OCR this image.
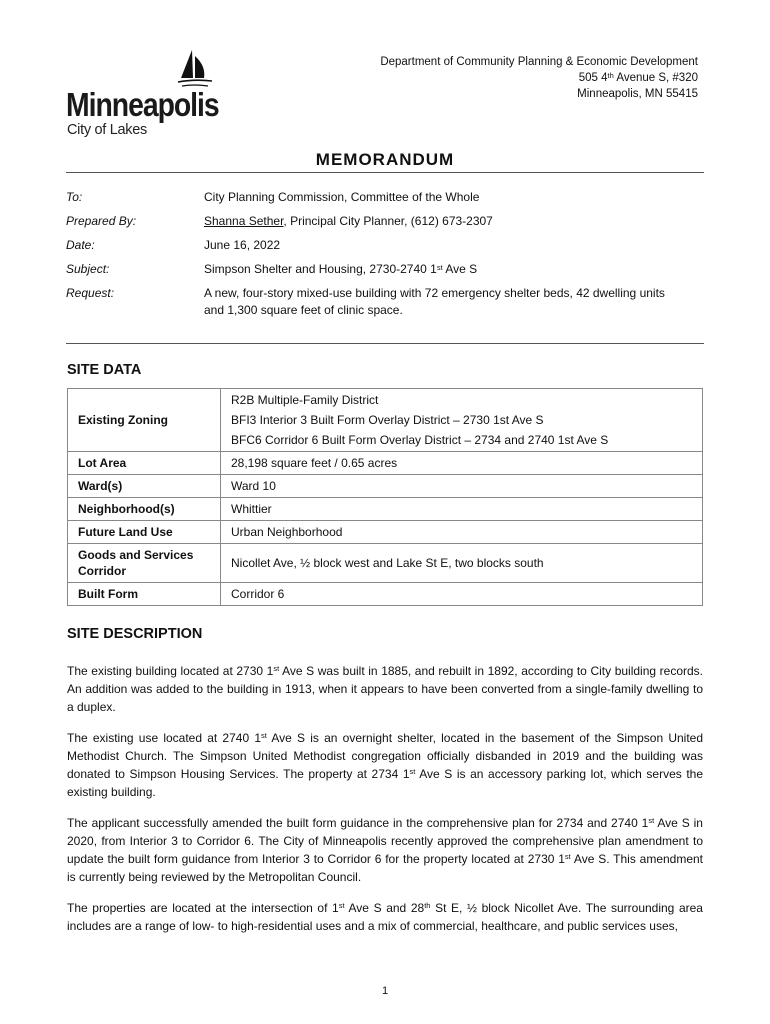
Minneapolis
City of Lakes
Department of Community Planning & Economic Development
505 4th Avenue S, #320
Minneapolis, MN 55415
MEMORANDUM
To:	City Planning Commission, Committee of the Whole
Prepared By:	Shanna Sether, Principal City Planner, (612) 673-2307
Date:	June 16, 2022
Subject:	Simpson Shelter and Housing, 2730-2740 1st Ave S
Request:	A new, four-story mixed-use building with 72 emergency shelter beds, 42 dwelling units
and 1,300 square feet of clinic space.
SITE DATA
Existing Zoning	R2B Multiple-Family District
BFI3 Interior 3 Built Form Overlay District – 2730 1st Ave S
BFC6 Corridor 6 Built Form Overlay District – 2734 and 2740 1st Ave S

Lot Area	28,198 square feet / 0.65 acres
Ward(s)	Ward 10
Neighborhood(s)	Whittier
Future Land Use	Urban Neighborhood
Goods and Services Corridor	Nicollet Ave, ½ block west and Lake St E, two blocks south
Built Form	Corridor 6
SITE DESCRIPTION
The existing building located at 2730 1st Ave S was built in 1885, and rebuilt in 1892, according to City building records. An addition was added to the building in 1913, when it appears to have been converted from a single-family dwelling to a duplex.
The existing use located at 2740 1st Ave S is an overnight shelter, located in the basement of the Simpson United Methodist Church. The Simpson United Methodist congregation officially disbanded in 2019 and the building was donated to Simpson Housing Services. The property at 2734 1st Ave S is an accessory parking lot, which serves the existing building.
The applicant successfully amended the built form guidance in the comprehensive plan for 2734 and 2740 1st Ave S in 2020, from Interior 3 to Corridor 6. The City of Minneapolis recently approved the comprehensive plan amendment to update the built form guidance from Interior 3 to Corridor 6 for the property located at 2730 1st Ave S. This amendment is currently being reviewed by the Metropolitan Council.
The properties are located at the intersection of 1st Ave S and 28th St E, ½ block Nicollet Ave. The surrounding area includes are a range of low- to high-residential uses and a mix of commercial, healthcare, and public services uses,
1
